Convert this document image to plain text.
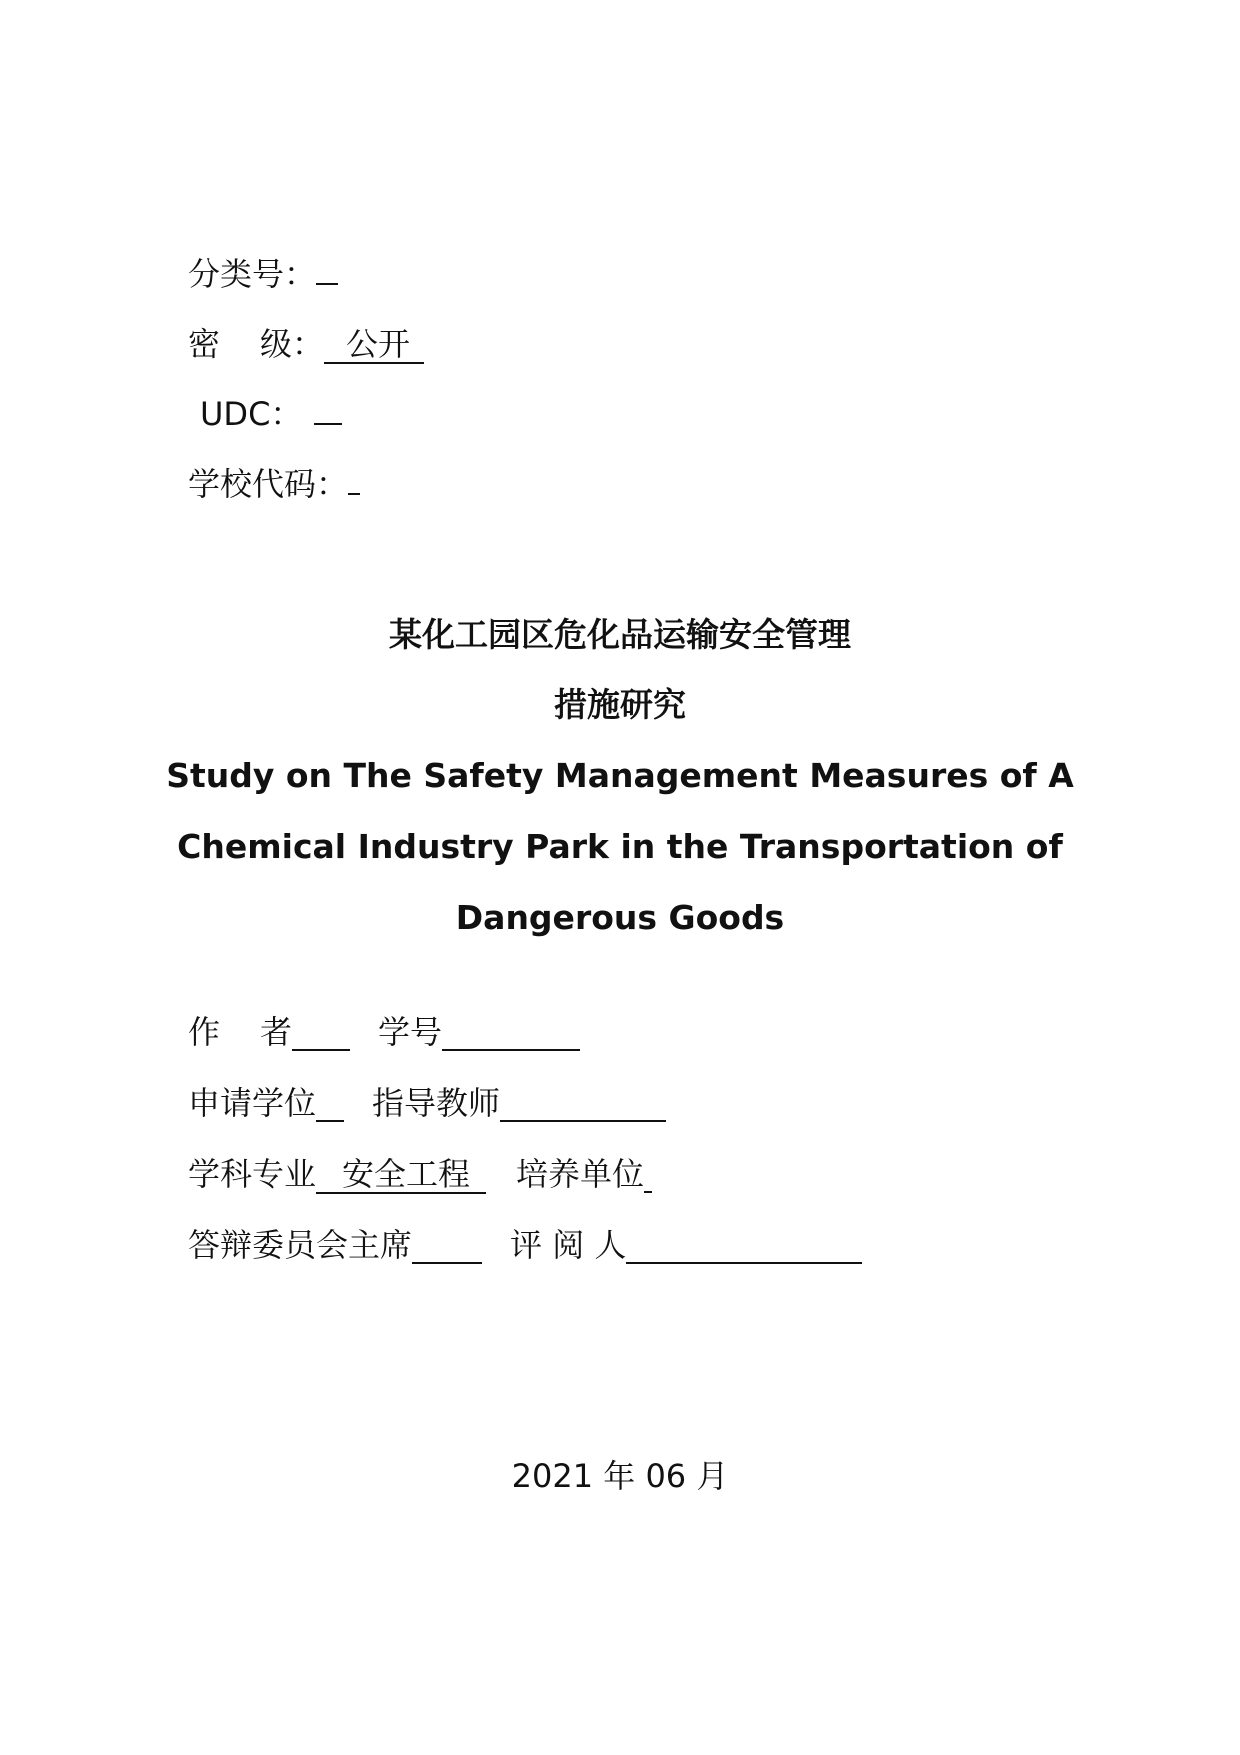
分类号：
密 级： 公开
UDC：
学校代码：
某化工园区危化品运输安全管理
措施研究
Study on The Safety Management Measures of A
Chemical Industry Park in the Transportation of
Dangerous Goods
作 者	学号
申请学位 指导教师
学科专业 安全工程 培养单位
答辩委员会主席	评 阅 人
2021 年 06 月
